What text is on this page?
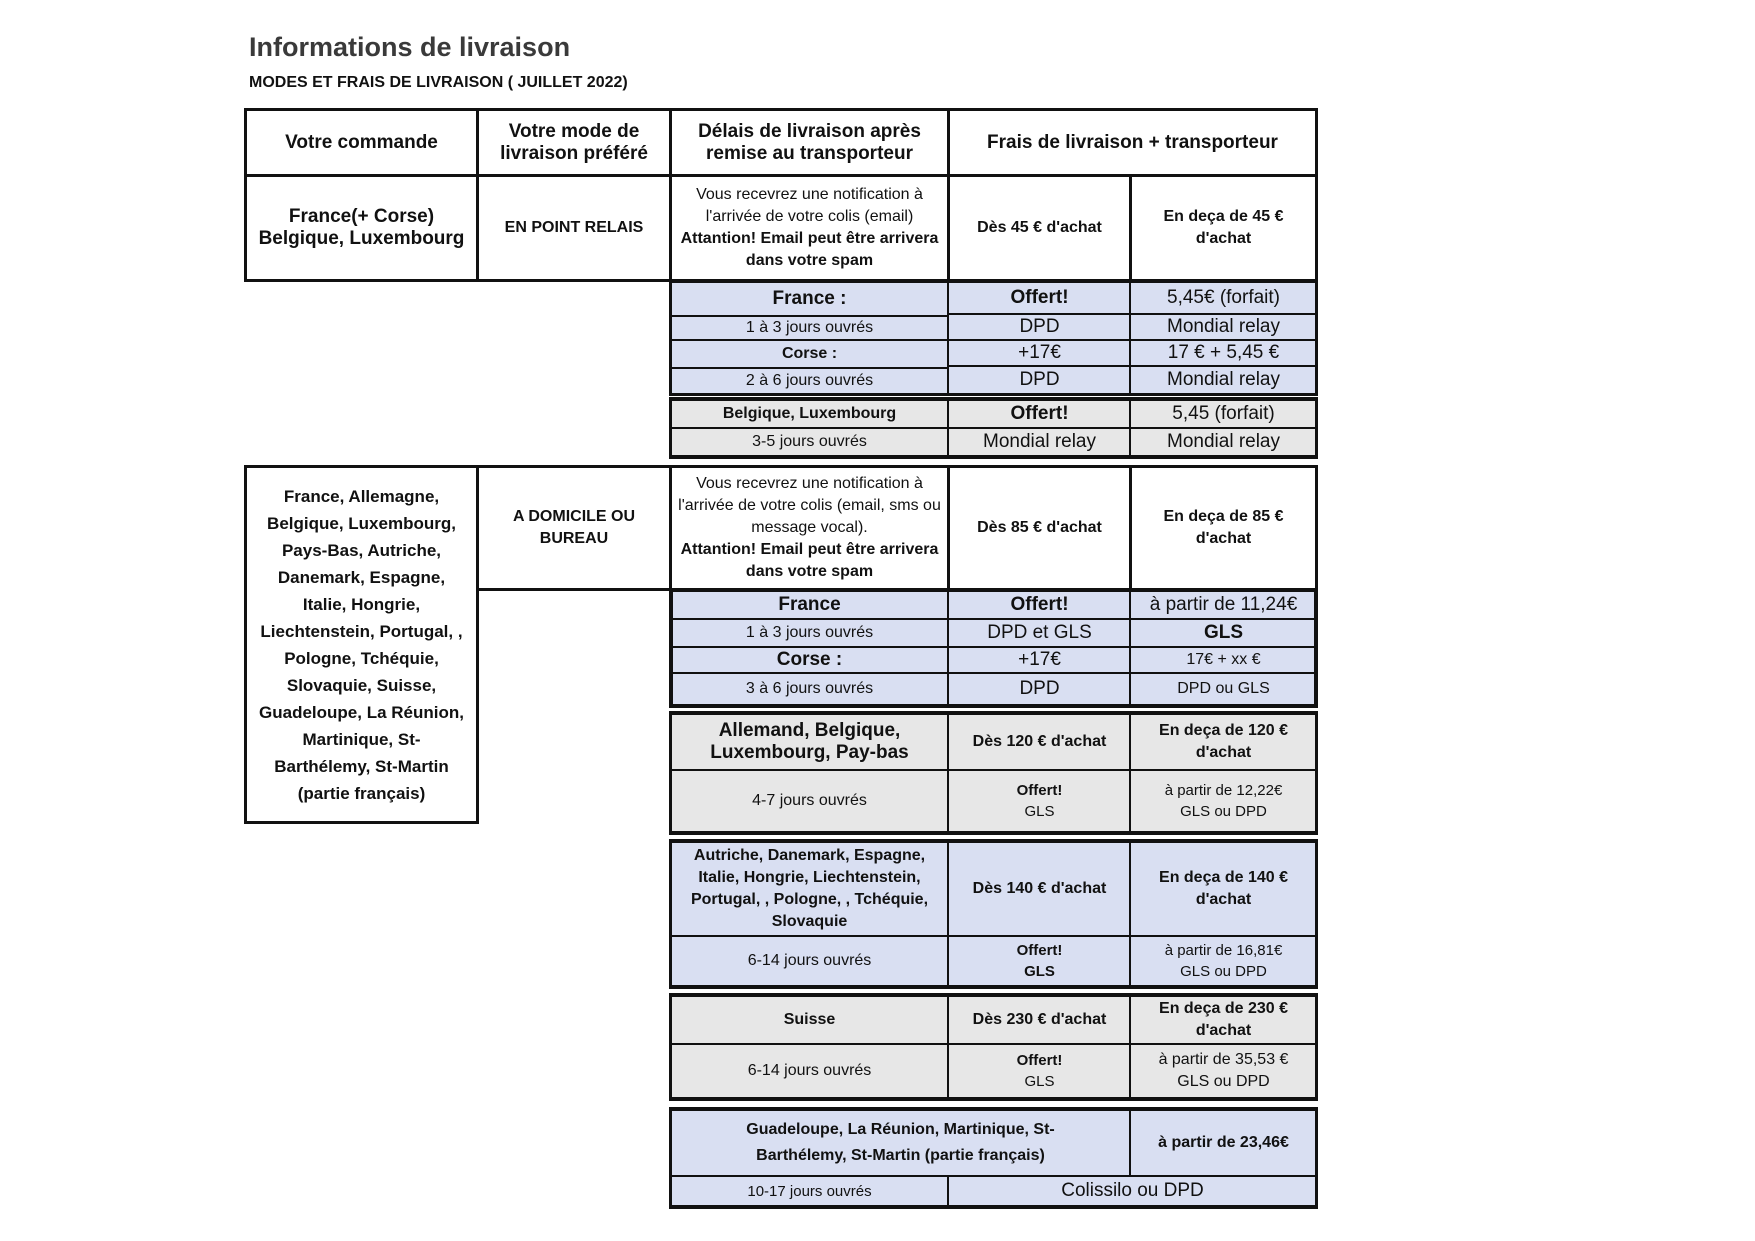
Informations de livraison
MODES ET FRAIS DE LIVRAISON ( JUILLET 2022)
Votre commande
Votre mode de livraison préféré
Délais de livraison après remise au transporteur
Frais de livraison + transporteur
France(+ Corse) Belgique, Luxembourg
EN POINT RELAIS
Vous recevrez une notification à l'arrivée de votre colis (email)
Attantion! Email peut être arrivera dans votre spam
Dès 45 € d'achat
En deça de 45 € d'achat
France :
1 à 3 jours ouvrés
Corse :
2 à 6 jours ouvrés
Offert!
DPD
+17€
DPD
5,45€ (forfait)
Mondial relay
17 € + 5,45 €
Mondial relay
Belgique, Luxembourg
3-5 jours ouvrés
Offert!
Mondial relay
5,45 (forfait)
Mondial relay
France, Allemagne, Belgique, Luxembourg, Pays-Bas, Autriche, Danemark, Espagne, Italie, Hongrie, Liechtenstein, Portugal, , Pologne, Tchéquie, Slovaquie, Suisse, Guadeloupe, La Réunion, Martinique, St-Barthélemy, St-Martin (partie français)
A DOMICILE OU BUREAU
Vous recevrez une notification à l'arrivée de votre colis (email, sms ou message vocal).
Attantion! Email peut être arrivera dans votre spam
Dès 85 € d'achat
En deça de 85 € d'achat
France
1 à 3 jours ouvrés
Corse :
3 à 6 jours ouvrés
Offert!
DPD et GLS
+17€
DPD
à partir de 11,24€
GLS
17€ + xx €
DPD ou GLS
Allemand, Belgique, Luxembourg, Pay-bas
4-7 jours ouvrés
Dès 120 € d'achat
En deça de 120 € d'achat
Offert!
GLS
à partir de 12,22€
GLS ou DPD
Autriche, Danemark, Espagne, Italie, Hongrie, Liechtenstein, Portugal, , Pologne, , Tchéquie, Slovaquie
6-14 jours ouvrés
Dès 140 € d'achat
En deça de 140 € d'achat
Offert!
GLS
à partir de 16,81€
GLS ou DPD
Suisse
6-14 jours ouvrés
Dès 230 € d'achat
En deça de 230 € d'achat
Offert!
GLS
à partir de 35,53 €
GLS ou DPD
Guadeloupe, La Réunion, Martinique, St-Barthélemy, St-Martin (partie français)
à partir de 23,46€
10-17 jours ouvrés	Colissilo ou DPD
